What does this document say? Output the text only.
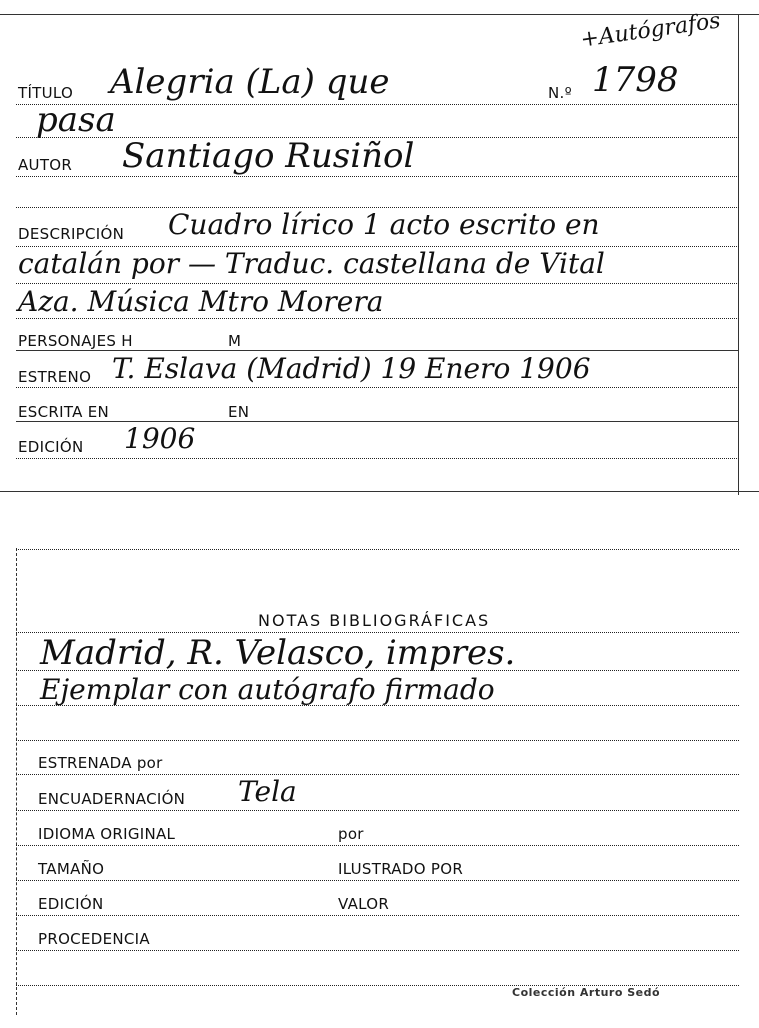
+Autógrafos
TÍTULO Alegria (La) que	N.º 1798
pasa
AUTOR Santiago Rusiñol
DESCRIPCIÓN Cuadro lírico 1 acto escrito en
catalán por — Traduc. castellana de Vital
Aza. Música Mtro Morera
PERSONAJES H	M
ESTRENO T. Eslava (Madrid) 19 Enero 1906
ESCRITA EN	EN
EDICIÓN 1906
NOTAS BIBLIOGRÁFICAS
Madrid, R. Velasco, impres.
Ejemplar con autógrafo firmado
ESTRENADA por
ENCUADERNACIÓN Tela
IDIOMA ORIGINAL	por
TAMAÑO	ILUSTRADO POR
EDICIÓN	VALOR
PROCEDENCIA
Colección Arturo Sedó
